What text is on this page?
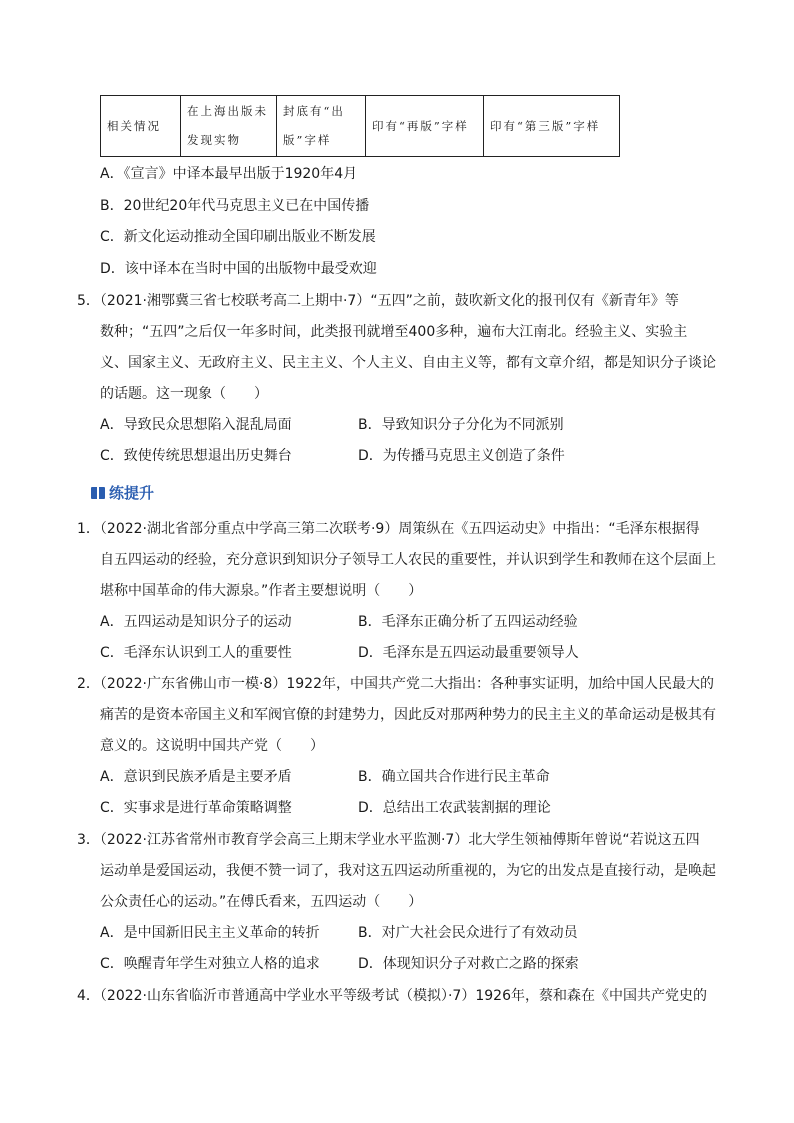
相关情况	在上海出版未发现实物	封底有“出版”字样	印有“再版”字样	印有“第三版”字样
A．《宣言》中译本最早出版于1920年4月
B．20世纪20年代马克思主义已在中国传播
C．新文化运动推动全国印刷出版业不断发展
D．该中译本在当时中国的出版物中最受欢迎
5．（2021·湘鄂冀三省七校联考高二上期中·7）“五四”之前，鼓吹新文化的报刊仅有《新青年》等
数种；“五四”之后仅一年多时间，此类报刊就增至400多种，遍布大江南北。经验主义、实验主
义、国家主义、无政府主义、民主主义、个人主义、自由主义等，都有文章介绍，都是知识分子谈论
的话题。这一现象（　　）
A．导致民众思想陷入混乱局面	B．导致知识分子分化为不同派别
C．致使传统思想退出历史舞台	D．为传播马克思主义创造了条件
练提升
1．（2022·湖北省部分重点中学高三第二次联考·9）周策纵在《五四运动史》中指出：“毛泽东根据得
自五四运动的经验，充分意识到知识分子领导工人农民的重要性，并认识到学生和教师在这个层面上
堪称中国革命的伟大源泉。”作者主要想说明（　　）
A．五四运动是知识分子的运动	B．毛泽东正确分析了五四运动经验
C．毛泽东认识到工人的重要性	D．毛泽东是五四运动最重要领导人
2．（2022·广东省佛山市一模·8）1922年，中国共产党二大指出：各种事实证明，加给中国人民最大的
痛苦的是资本帝国主义和军阀官僚的封建势力，因此反对那两种势力的民主主义的革命运动是极其有
意义的。这说明中国共产党（　　）
A．意识到民族矛盾是主要矛盾	B．确立国共合作进行民主革命
C．实事求是进行革命策略调整	D．总结出工农武装割据的理论
3．（2022·江苏省常州市教育学会高三上期末学业水平监测·7）北大学生领袖傅斯年曾说“若说这五四
运动单是爱国运动，我便不赞一词了，我对这五四运动所重视的，为它的出发点是直接行动，是唤起
公众责任心的运动。”在傅氏看来，五四运动（　　）
A．是中国新旧民主主义革命的转折	B．对广大社会民众进行了有效动员
C．唤醒青年学生对独立人格的追求	D．体现知识分子对救亡之路的探索
4．（2022·山东省临沂市普通高中学业水平等级考试（模拟）·7）1926年，蔡和森在《中国共产党史的
